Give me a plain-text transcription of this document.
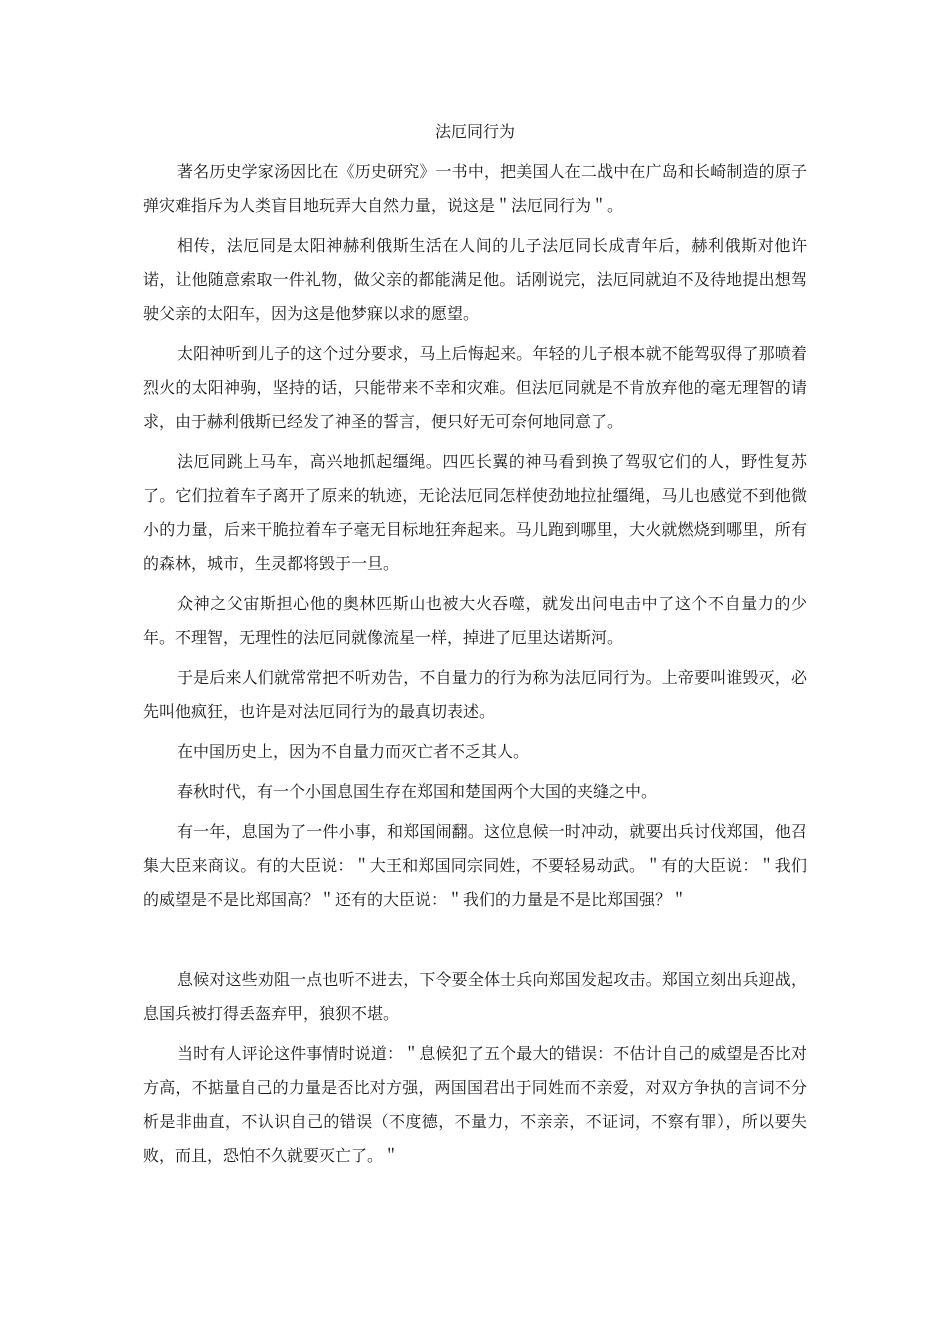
法厄同行为

著名历史学家汤因比在《历史研究》一书中，把美国人在二战中在广岛和长崎制造的原子弹灾难指斥为人类盲目地玩弄大自然力量，说这是＂法厄同行为＂。

相传，法厄同是太阳神赫利俄斯生活在人间的儿子法厄同长成青年后，赫利俄斯对他许诺，让他随意索取一件礼物，做父亲的都能满足他。话刚说完，法厄同就迫不及待地提出想驾驶父亲的太阳车，因为这是他梦寐以求的愿望。

太阳神听到儿子的这个过分要求，马上后悔起来。年轻的儿子根本就不能驾驭得了那喷着烈火的太阳神驹，坚持的话，只能带来不幸和灾难。但法厄同就是不肯放弃他的毫无理智的请求，由于赫利俄斯已经发了神圣的誓言，便只好无可奈何地同意了。

法厄同跳上马车，高兴地抓起缰绳。四匹长翼的神马看到换了驾驭它们的人，野性复苏了。它们拉着车子离开了原来的轨迹，无论法厄同怎样使劲地拉扯缰绳，马儿也感觉不到他微小的力量，后来干脆拉着车子毫无目标地狂奔起来。马儿跑到哪里，大火就燃烧到哪里，所有的森林，城市，生灵都将毁于一旦。

众神之父宙斯担心他的奥林匹斯山也被大火吞噬，就发出问电击中了这个不自量力的少年。不理智，无理性的法厄同就像流星一样，掉进了厄里达诺斯河。

于是后来人们就常常把不听劝告，不自量力的行为称为法厄同行为。上帝要叫谁毁灭，必先叫他疯狂，也许是对法厄同行为的最真切表述。

在中国历史上，因为不自量力而灭亡者不乏其人。

春秋时代，有一个小国息国生存在郑国和楚国两个大国的夹缝之中。

有一年，息国为了一件小事，和郑国闹翻。这位息候一时冲动，就要出兵讨伐郑国，他召集大臣来商议。有的大臣说：＂大王和郑国同宗同姓，不要轻易动武。＂有的大臣说：＂我们的威望是不是比郑国高？＂还有的大臣说：＂我们的力量是不是比郑国强？＂

息候对这些劝阻一点也听不进去，下令要全体士兵向郑国发起攻击。郑国立刻出兵迎战，息国兵被打得丢盔弃甲，狼狈不堪。

当时有人评论这件事情时说道：＂息候犯了五个最大的错误：不估计自己的威望是否比对方高，不掂量自己的力量是否比对方强，两国国君出于同姓而不亲爱，对双方争执的言词不分析是非曲直，不认识自己的错误（不度德，不量力，不亲亲，不证词，不察有罪），所以要失败，而且，恐怕不久就要灭亡了。＂
